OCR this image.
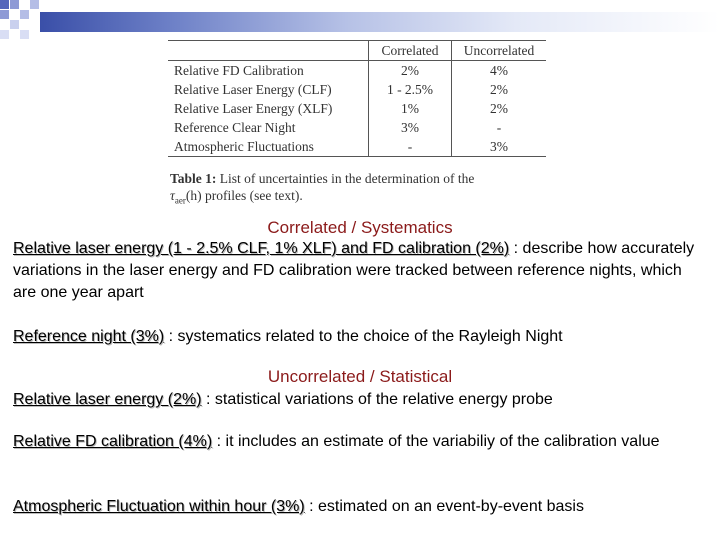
	Correlated	Uncorrelated
Relative FD Calibration	2%	4%
Relative Laser Energy (CLF)	1 - 2.5%	2%
Relative Laser Energy (XLF)	1%	2%
Reference Clear Night	3%	-
Atmospheric Fluctuations	-	3%
Table 1: List of uncertainties in the determination of the
$\tau_{aer}(h)$ profiles (see text).
Correlated / Systematics
Relative laser energy (1 - 2.5% CLF, 1% XLF) and FD calibration (2%) : describe how accurately variations in the laser energy and FD calibration were tracked between reference nights, which are one year apart
Reference night (3%) : systematics related to the choice of the Rayleigh Night
Uncorrelated / Statistical
Relative laser energy (2%) : statistical variations of the relative energy probe
Relative FD calibration (4%) : it includes an estimate of the variabiliy of the calibration value
Atmospheric Fluctuation within hour (3%) : estimated on an event-by-event basis
